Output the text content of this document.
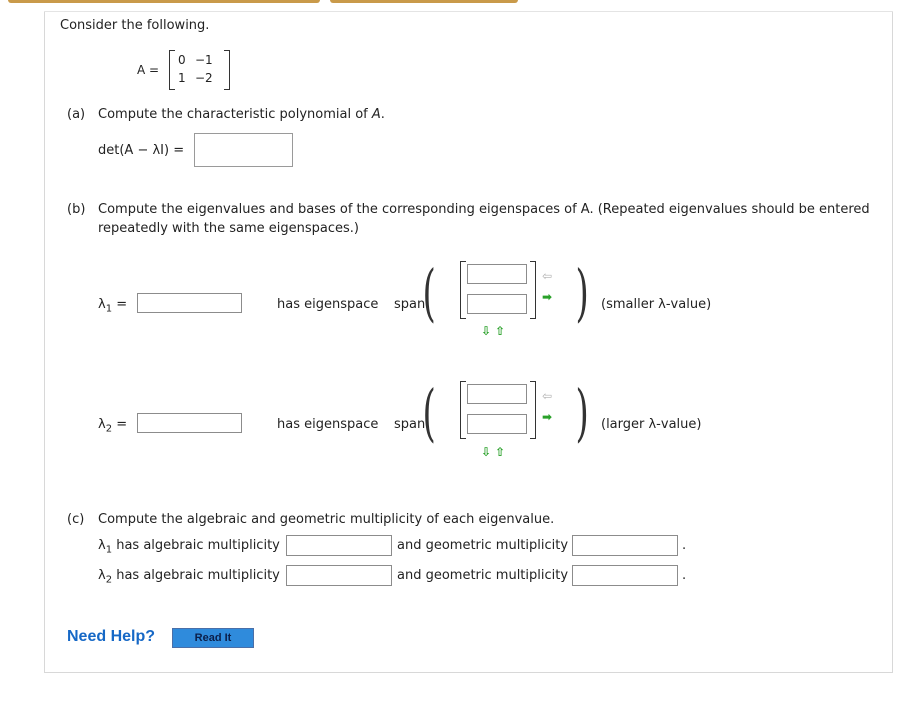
Consider the following.
A =
0 −1
1 −2
(a) Compute the characteristic polynomial of A.
det(A − λI) =
(b) Compute the eigenvalues and bases of the corresponding eigenspaces of A. (Repeated eigenvalues should be entered
repeatedly with the same eigenspaces.)
$\lambda_1$ =	has eigenspace span
(	⇦
➡
⇩ ⇧
) (smaller λ-value)
$\lambda_2$ =	has eigenspace span
(	⇦
➡
⇩ ⇧
) (larger λ-value)
(c) Compute the algebraic and geometric multiplicity of each eigenvalue.
$\lambda_1$ has algebraic multiplicity	and geometric multiplicity	.
$\lambda_2$ has algebraic multiplicity	and geometric multiplicity	.
Need Help?	Read It
